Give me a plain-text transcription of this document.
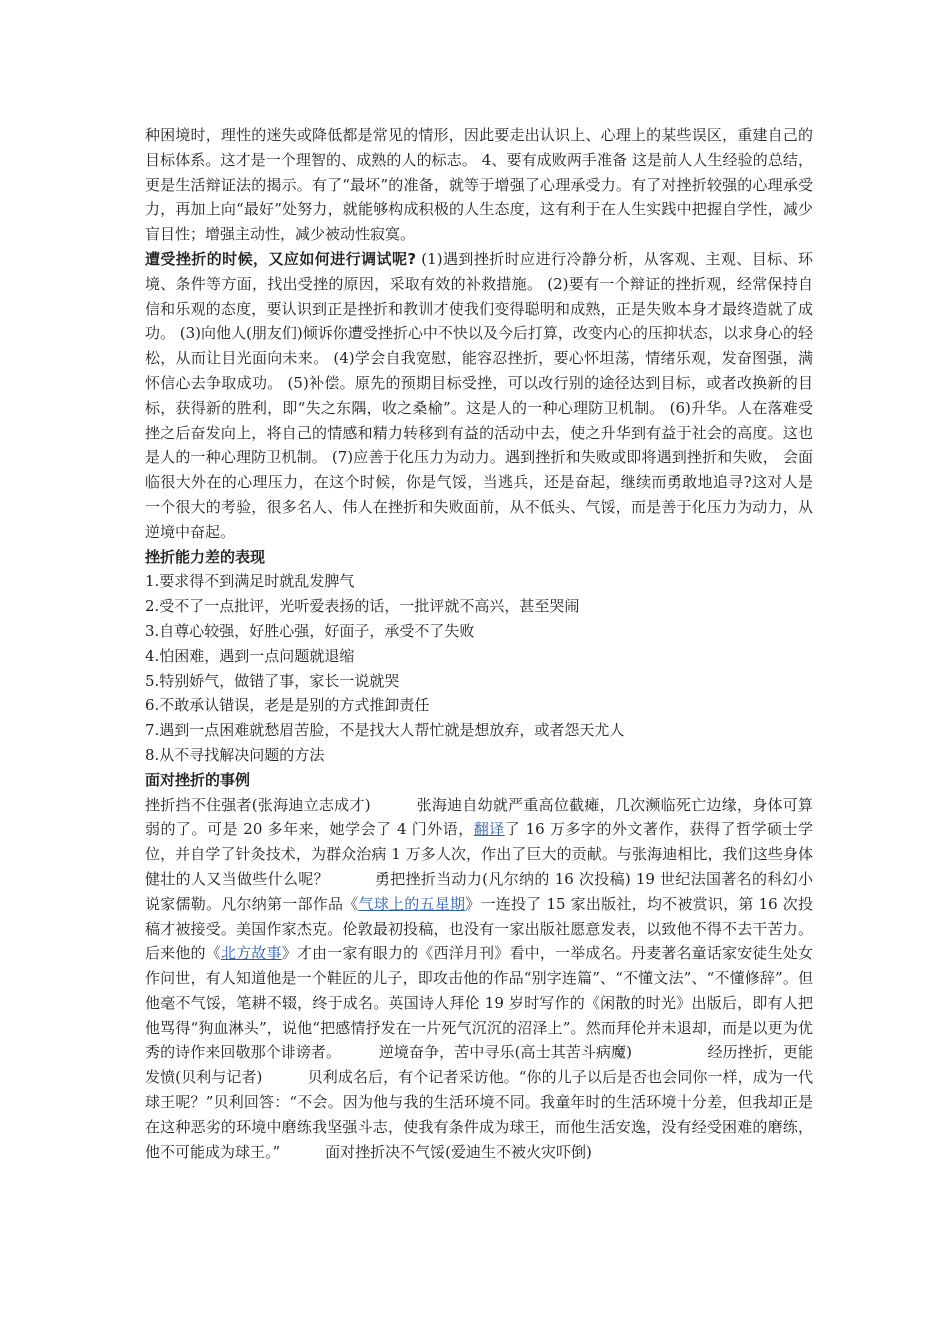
种困境时，理性的迷失或降低都是常见的情形，因此要走出认识上、心理上的某些误区，重建自己的目标体系。这才是一个理智的、成熟的人的标志。 4、要有成败两手准备 这是前人人生经验的总结，更是生活辩证法的揭示。有了“最坏”的准备，就等于增强了心理承受力。有了对挫折较强的心理承受力，再加上向“最好”处努力，就能够构成积极的人生态度，这有利于在人生实践中把握自学性，减少盲目性；增强主动性，减少被动性寂寞。

遭受挫折的时候，又应如何进行调试呢? (1)遇到挫折时应进行冷静分析，从客观、主观、目标、环境、条件等方面，找出受挫的原因，采取有效的补救措施。 (2)要有一个辩证的挫折观，经常保持自信和乐观的态度，要认识到正是挫折和教训才使我们变得聪明和成熟，正是失败本身才最终造就了成功。 (3)向他人(朋友们)倾诉你遭受挫折心中不快以及今后打算，改变内心的压抑状态，以求身心的轻松，从而让目光面向未来。 (4)学会自我宽慰，能容忍挫折，要心怀坦荡，情绪乐观，发奋图强，满怀信心去争取成功。 (5)补偿。原先的预期目标受挫，可以改行别的途径达到目标，或者改换新的目标，获得新的胜利，即“失之东隅，收之桑榆”。这是人的一种心理防卫机制。 (6)升华。人在落难受挫之后奋发向上，将自己的情感和精力转移到有益的活动中去，使之升华到有益于社会的高度。这也是人的一种心理防卫机制。 (7)应善于化压力为动力。遇到挫折和失败或即将遇到挫折和失败， 会面临很大外在的心理压力，在这个时候，你是气馁，当逃兵，还是奋起，继续而勇敢地追寻?这对人是一个很大的考验，很多名人、伟人在挫折和失败面前，从不低头、气馁，而是善于化压力为动力，从逆境中奋起。

挫折能力差的表现

1.要求得不到满足时就乱发脾气

2.受不了一点批评，光听爱表扬的话，一批评就不高兴，甚至哭闹

3.自尊心较强，好胜心强，好面子，承受不了失败

4.怕困难，遇到一点问题就退缩

5.特别娇气，做错了事，家长一说就哭

6.不敢承认错误，老是是别的方式推卸责任

7.遇到一点困难就愁眉苦脸，不是找大人帮忙就是想放弃，或者怨天尤人

8.从不寻找解决问题的方法

面对挫折的事例

挫折挡不住强者(张海迪立志成才)　　　张海迪自幼就严重高位截瘫，几次濒临死亡边缘，身体可算弱的了。可是 20 多年来，她学会了 4 门外语，翻译了 16 万多字的外文著作，获得了哲学硕士学位，并自学了针灸技术，为群众治病 1 万多人次，作出了巨大的贡献。与张海迪相比，我们这些身体健壮的人又当做些什么呢？　　　勇把挫折当动力(凡尔纳的 16 次投稿) 19 世纪法国著名的科幻小说家儒勒。凡尔纳第一部作品《气球上的五星期》一连投了 15 家出版社，均不被赏识，第 16 次投稿才被接受。美国作家杰克。伦敦最初投稿，也没有一家出版社愿意发表，以致他不得不去干苦力。后来他的《北方故事》才由一家有眼力的《西洋月刊》看中，一举成名。丹麦著名童话家安徒生处女作问世，有人知道他是一个鞋匠的儿子，即攻击他的作品“别字连篇”、“不懂文法”、“不懂修辞”。但他毫不气馁，笔耕不辍，终于成名。英国诗人拜伦 19 岁时写作的《闲散的时光》出版后，即有人把他骂得“狗血淋头”，说他“把感情抒发在一片死气沉沉的沼泽上”。然而拜伦并未退却，而是以更为优秀的诗作来回敬那个诽谤者。　　　逆境奋争，苦中寻乐(高士其苦斗病魔)　　　　　经历挫折，更能发愤(贝利与记者)　　　贝利成名后，有个记者采访他。“你的儿子以后是否也会同你一样，成为一代球王呢？”贝利回答：“不会。因为他与我的生活环境不同。我童年时的生活环境十分差，但我却正是在这种恶劣的环境中磨练我坚强斗志，使我有条件成为球王，而他生活安逸，没有经受困难的磨练，他不可能成为球王。”　　　面对挫折决不气馁(爱迪生不被火灾吓倒)
